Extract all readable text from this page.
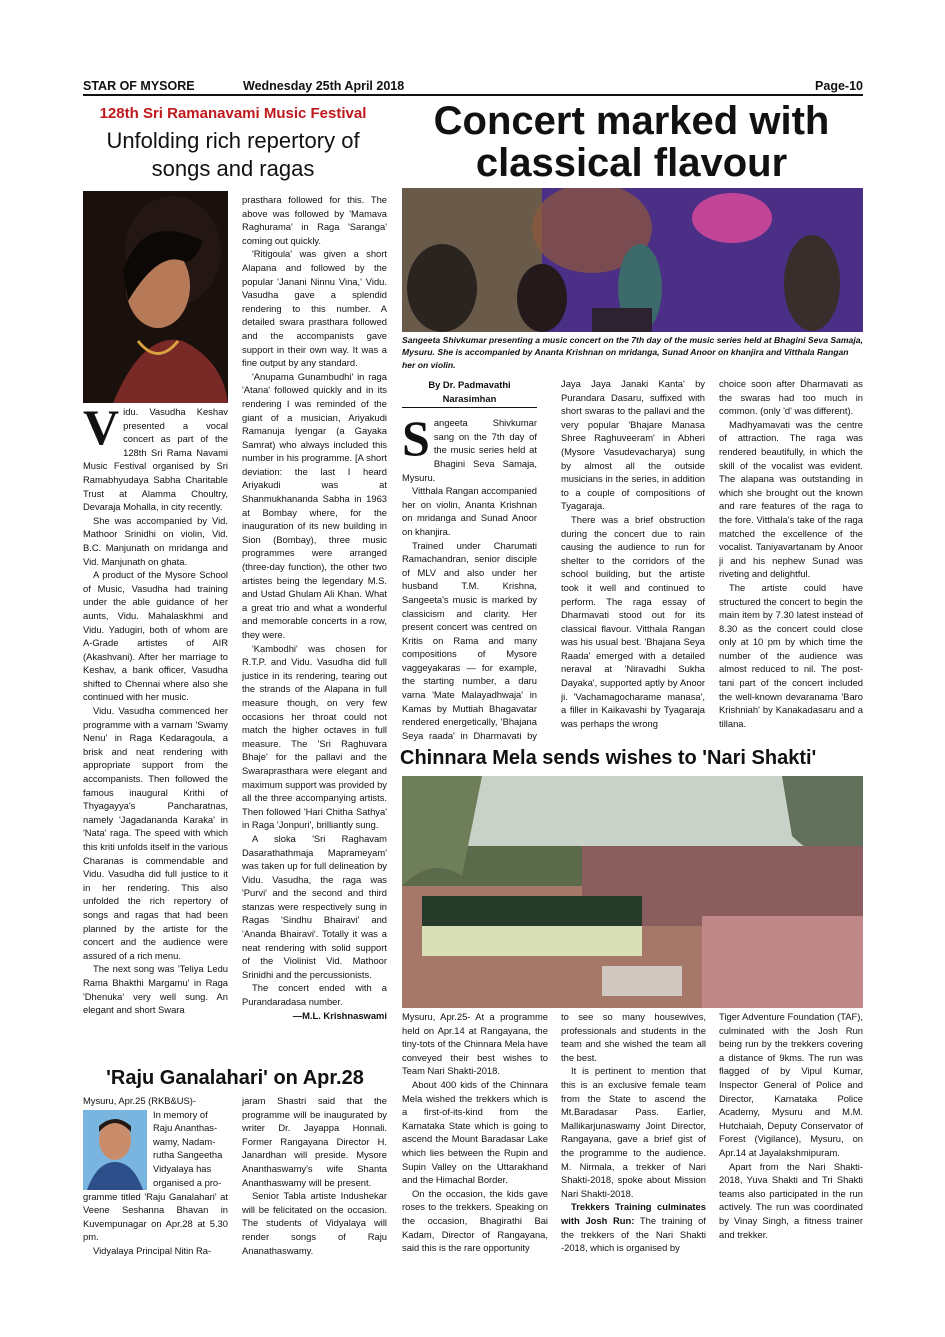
STAR OF MYSORE	Wednesday 25th April 2018	Page-10
128th Sri Ramanavami Music Festival
Unfolding rich repertory of songs and ragas
V idu. Vasudha Keshav presented a vocal concert as part of the 128th Sri Rama Navami Music Festival organised by Sri Ramabhyudaya Sabha Charitable Trust at Alamma Choultry, Devaraja Mohalla, in city recently.

She was accompanied by Vid. Mathoor Srinidhi on violin, Vid. B.C. Manjunath on mridanga and Vid. Manjunath on ghata.

A product of the Mysore School of Music, Vasudha had training under the able guidance of her aunts, Vidu. Mahalaskhmi and Vidu. Yadugiri, both of whom are A-Grade artistes of AIR (Akashvani). After her marriage to Keshav, a bank officer, Vasudha shifted to Chennai where also she continued with her music.

Vidu. Vasudha commenced her programme with a varnam 'Swamy Nenu' in Raga Kedaragoula, a brisk and neat rendering with appropriate support from the accompanists. Then followed the famous inaugural Krithi of Thyagayya's Pancharatnas, namely 'Jagadananda Karaka' in 'Nata' raga. The speed with which this kriti unfolds itself in the various Charanas is commendable and Vidu. Vasudha did full justice to it in her rendering. This also unfolded the rich repertory of songs and ragas that had been planned by the artiste for the concert and the audience were assured of a rich menu.

The next song was 'Teliya Ledu Rama Bhakthi Margamu' in Raga 'Dhenuka' very well sung. An elegant and short Swara

prasthara followed for this. The above was followed by 'Mamava Raghurama' in Raga 'Saranga' coming out quickly.

'Ritigoula' was given a short Alapana and followed by the popular 'Janani Ninnu Vina,' Vidu. Vasudha gave a splendid rendering to this number. A detailed swara prasthara followed and the accompanists gave support in their own way. It was a fine output by any standard.

'Anupama Gunambudhi' in raga 'Atana' followed quickly and in its rendering I was reminded of the giant of a musician, Ariyakudi Ramanuja Iyengar (a Gayaka Samrat) who always included this number in his programme. [A short deviation: the last I heard Ariyakudi was at Shanmukhananda Sabha in 1963 at Bombay where, for the inauguration of its new building in Sion (Bombay), three music programmes were arranged (three-day function), the other two artistes being the legendary M.S. and Ustad Ghulam Ali Khan. What a great trio and what a wonderful and memorable concerts in a row, they were.

'Kambodhi' was chosen for R.T.P. and Vidu. Vasudha did full justice in its rendering, tearing out the strands of the Alapana in full measure though, on very few occasions her throat could not match the higher octaves in full measure. The 'Sri Raghuvara Bhaje' for the pallavi and the Swaraprasthara were elegant and maximum support was provided by all the three accompanying artists. Then followed 'Hari Chitha Sathya' in Raga 'Jonpuri', brilliantly sung.

A sloka 'Sri Raghavam Dasarathathmaja Maprameyam' was taken up for full delineation by Vidu. Vasudha, the raga was 'Purvi' and the second and third stanzas were respectively sung in Ragas 'Sindhu Bhairavi' and 'Ananda Bhairavi'. Totally it was a neat rendering with solid support of the Violinist Vid. Mathoor Srinidhi and the percussionists.

The concert ended with a Purandaradasa number.

—M.L. Krishnaswami

Concert marked with classical flavour
Sangeeta Shivkumar presenting a music concert on the 7th day of the music series held at Bhagini Seva Samaja, Mysuru. She is accompanied by Ananta Krishnan on mridanga, Sunad Anoor on khanjira and Vitthala Rangan her on violin.

By Dr. Padmavathi Narasimhan

S angeeta Shivkumar sang on the 7th day of the music series held at Bhagini Seva Samaja, Mysuru.

Vitthala Rangan accompanied her on violin, Ananta Krishnan on mridanga and Sunad Anoor on khanjira.

Trained under Charumati Ramachandran, senior disciple of MLV and also under her husband T.M. Krishna, Sangeeta's music is marked by classicism and clarity. Her present concert was centred on Kritis on Rama and many compositions of Mysore vaggeyakaras — for example, the starting number, a daru varna 'Mate Malayadhwaja' in Kamas by Muttiah Bhagavatar rendered energetically, 'Bhajana Seya raada' in Dharmavati by

Jaya Jaya Janaki Kanta' by Purandara Dasaru, suffixed with short swaras to the pallavi and the very popular 'Bhajare Manasa Shree Raghuveeram' in Abheri (Mysore Vasudevacharya) sung by almost all the outside musicians in the series, in addition to a couple of compositions of Tyagaraja.

There was a brief obstruction during the concert due to rain causing the audience to run for shelter to the corridors of the school building, but the artiste took it well and continued to perform. The raga essay of Dharmavati stood out for its classical flavour. Vitthala Rangan was his usual best. 'Bhajana Seya Raada' emerged with a detailed neraval at 'Niravadhi Sukha Dayaka', supported aptly by Anoor ji. 'Vachamagocharame manasa', a filler in Kaikavashi by Tyagaraja was perhaps the wrong

choice soon after Dharmavati as the swaras had too much in common. (only 'd' was different).

Madhyamavati was the centre of attraction. The raga was rendered beautifully, in which the skill of the vocalist was evident. The alapana was outstanding in which she brought out the known and rare features of the raga to the fore. Vitthala's take of the raga matched the excellence of the vocalist. Taniyavartanam by Anoor ji and his nephew Sunad was riveting and delightful.

The artiste could have structured the concert to begin the main item by 7.30 latest instead of 8.30 as the concert could close only at 10 pm by which time the number of the audience was almost reduced to nil. The post-tani part of the concert included the well-known devaranama 'Baro Krishniah' by Kanakadasaru and a tillana.

Chinnara Mela sends wishes to 'Nari Shakti'

Mysuru, Apr.25- At a programme held on Apr.14 at Rangayana, the tiny-tots of the Chinnara Mela have conveyed their best wishes to Team Nari Shakti-2018.

About 400 kids of the Chinnara Mela wished the trekkers which is a first-of-its-kind from the Karnataka State which is going to ascend the Mount Baradasar Lake which lies between the Rupin and Supin Valley on the Uttarakhand and the Himachal Border.

On the occasion, the kids gave roses to the trekkers. Speaking on the occasion, Bhagirathi Bai Kadam, Director of Rangayana, said this is the rare opportunity

to see so many housewives, professionals and students in the team and she wished the team all the best.

It is pertinent to mention that this is an exclusive female team from the State to ascend the Mt.Baradasar Pass. Earlier, Mallikarjunaswamy Joint Director, Rangayana, gave a brief gist of the programme to the audience. M. Nirmala, a trekker of Nari Shakti-2018, spoke about Mission Nari Shakti-2018.

Trekkers Training culminates with Josh Run: The training of the trekkers of the Nari Shakti -2018, which is organised by

Tiger Adventure Foundation (TAF), culminated with the Josh Run being run by the trekkers covering a distance of 9kms. The run was flagged of by Vipul Kumar, Inspector General of Police and Director, Karnataka Police Academy, Mysuru and M.M. Hutchaiah, Deputy Conservator of Forest (Vigilance), Mysuru, on Apr.14 at Jayalakshmipuram.

Apart from the Nari Shakti-2018, Yuva Shakti and Tri Shakti teams also participated in the run actively. The run was coordinated by Vinay Singh, a fitness trainer and trekker.

'Raju Ganalahari' on Apr.28
Mysuru, Apr.25 (RKB&US)-
In memory of
Raju Ananthas-
wamy, Nadam-
rutha Sangeetha
Vidyalaya has
organised a pro-

gramme titled 'Raju Ganalahari' at Veene Seshanna Bhavan in Kuvempunagar on Apr.28 at 5.30 pm.

Vidyalaya Principal Nitin Ra-

jaram Shastri said that the programme will be inaugurated by writer Dr. Jayappa Honnali. Former Rangayana Director H. Janardhan will preside. Mysore Ananthaswamy's wife Shanta Ananthaswamy will be present.

Senior Tabla artiste Indushekar will be felicitated on the occasion. The students of Vidyalaya will render songs of Raju Ananathaswamy.
